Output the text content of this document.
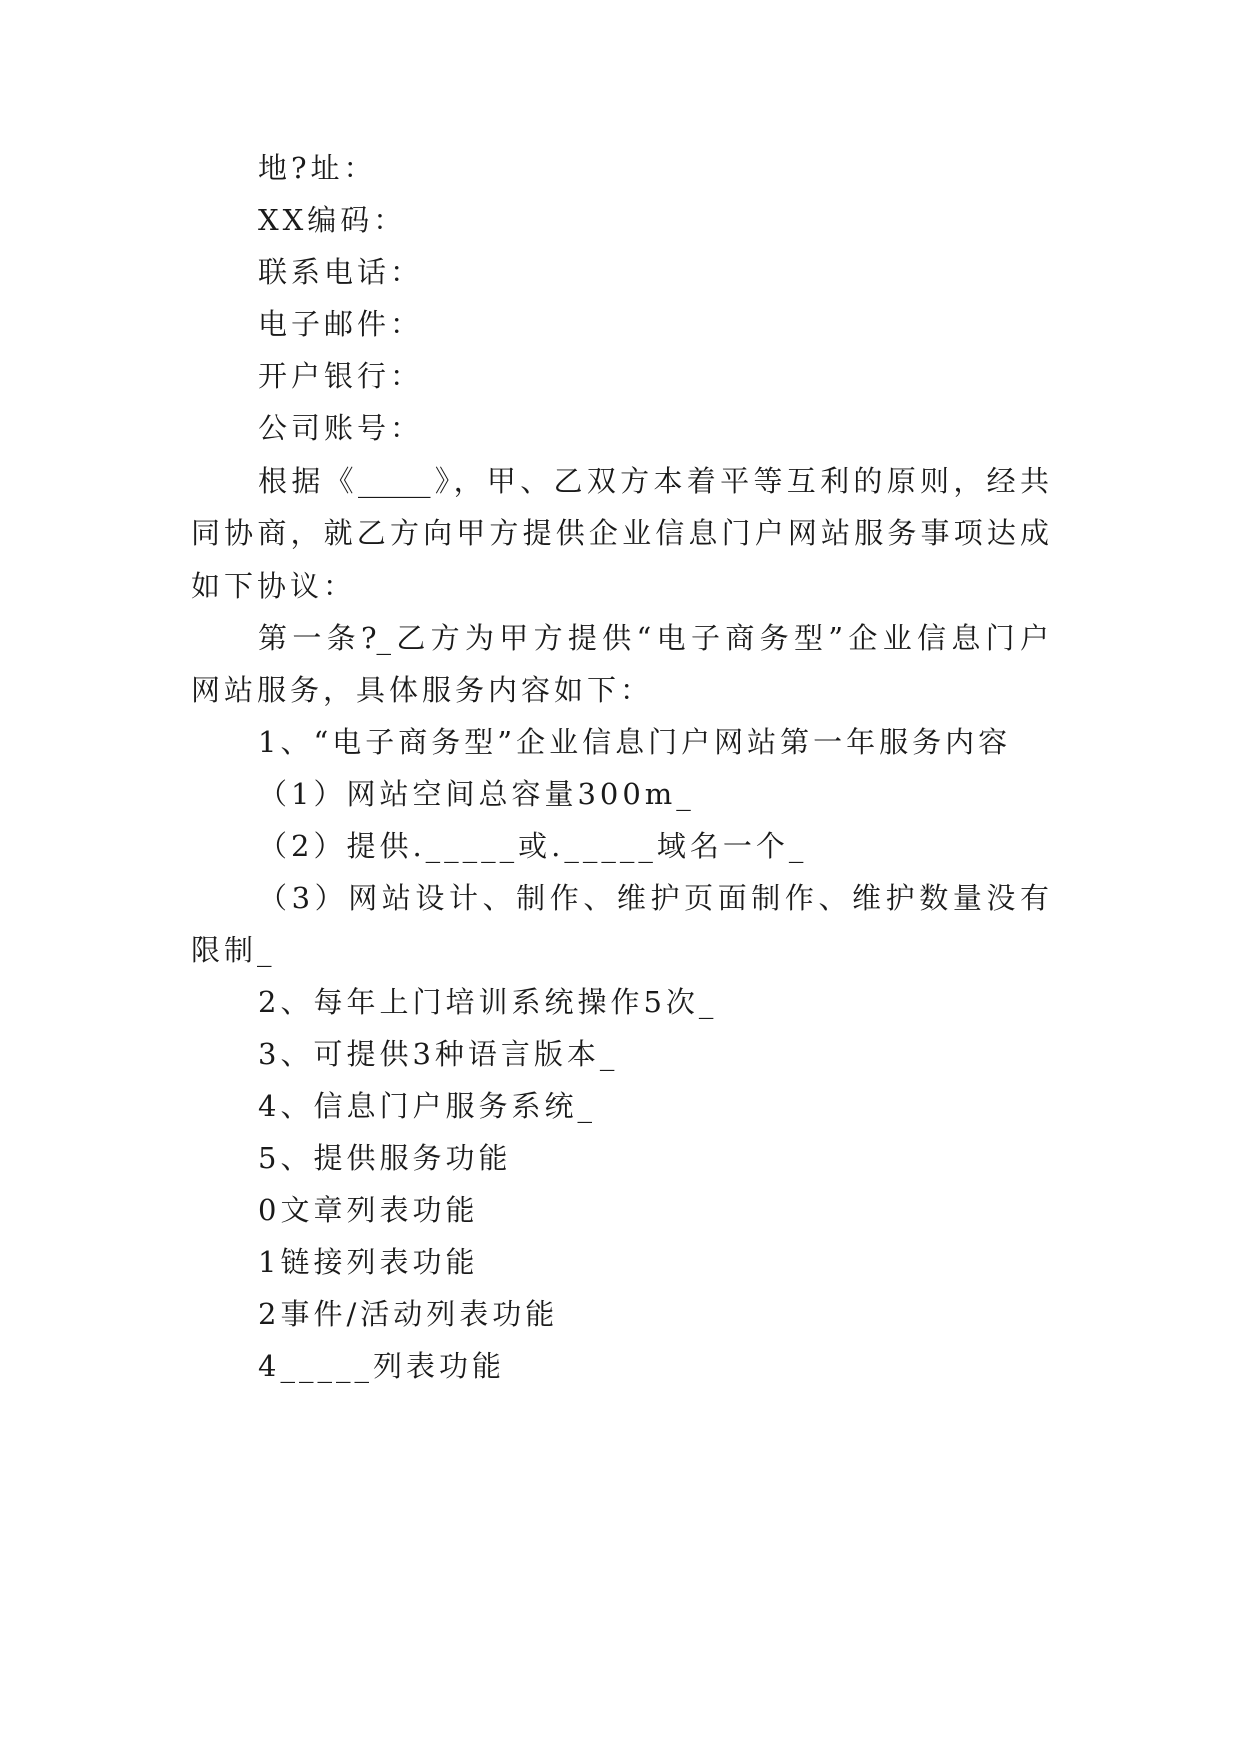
地?址：
XX编码：
联系电话：
电子邮件：
开户银行：
公司账号：
根据《_____》，甲、乙双方本着平等互利的原则，经共
同协商，就乙方向甲方提供企业信息门户网站服务事项达成
如下协议：
第一条?_乙方为甲方提供“电子商务型”企业信息门户
网站服务，具体服务内容如下：
1、“电子商务型”企业信息门户网站第一年服务内容
（1）网站空间总容量300m_
（2）提供._____或._____域名一个_
（3）网站设计、制作、维护页面制作、维护数量没有
限制_
2、每年上门培训系统操作5次_
3、可提供3种语言版本_
4、信息门户服务系统_
5、提供服务功能
0文章列表功能
1链接列表功能
2事件/活动列表功能
4_____列表功能
